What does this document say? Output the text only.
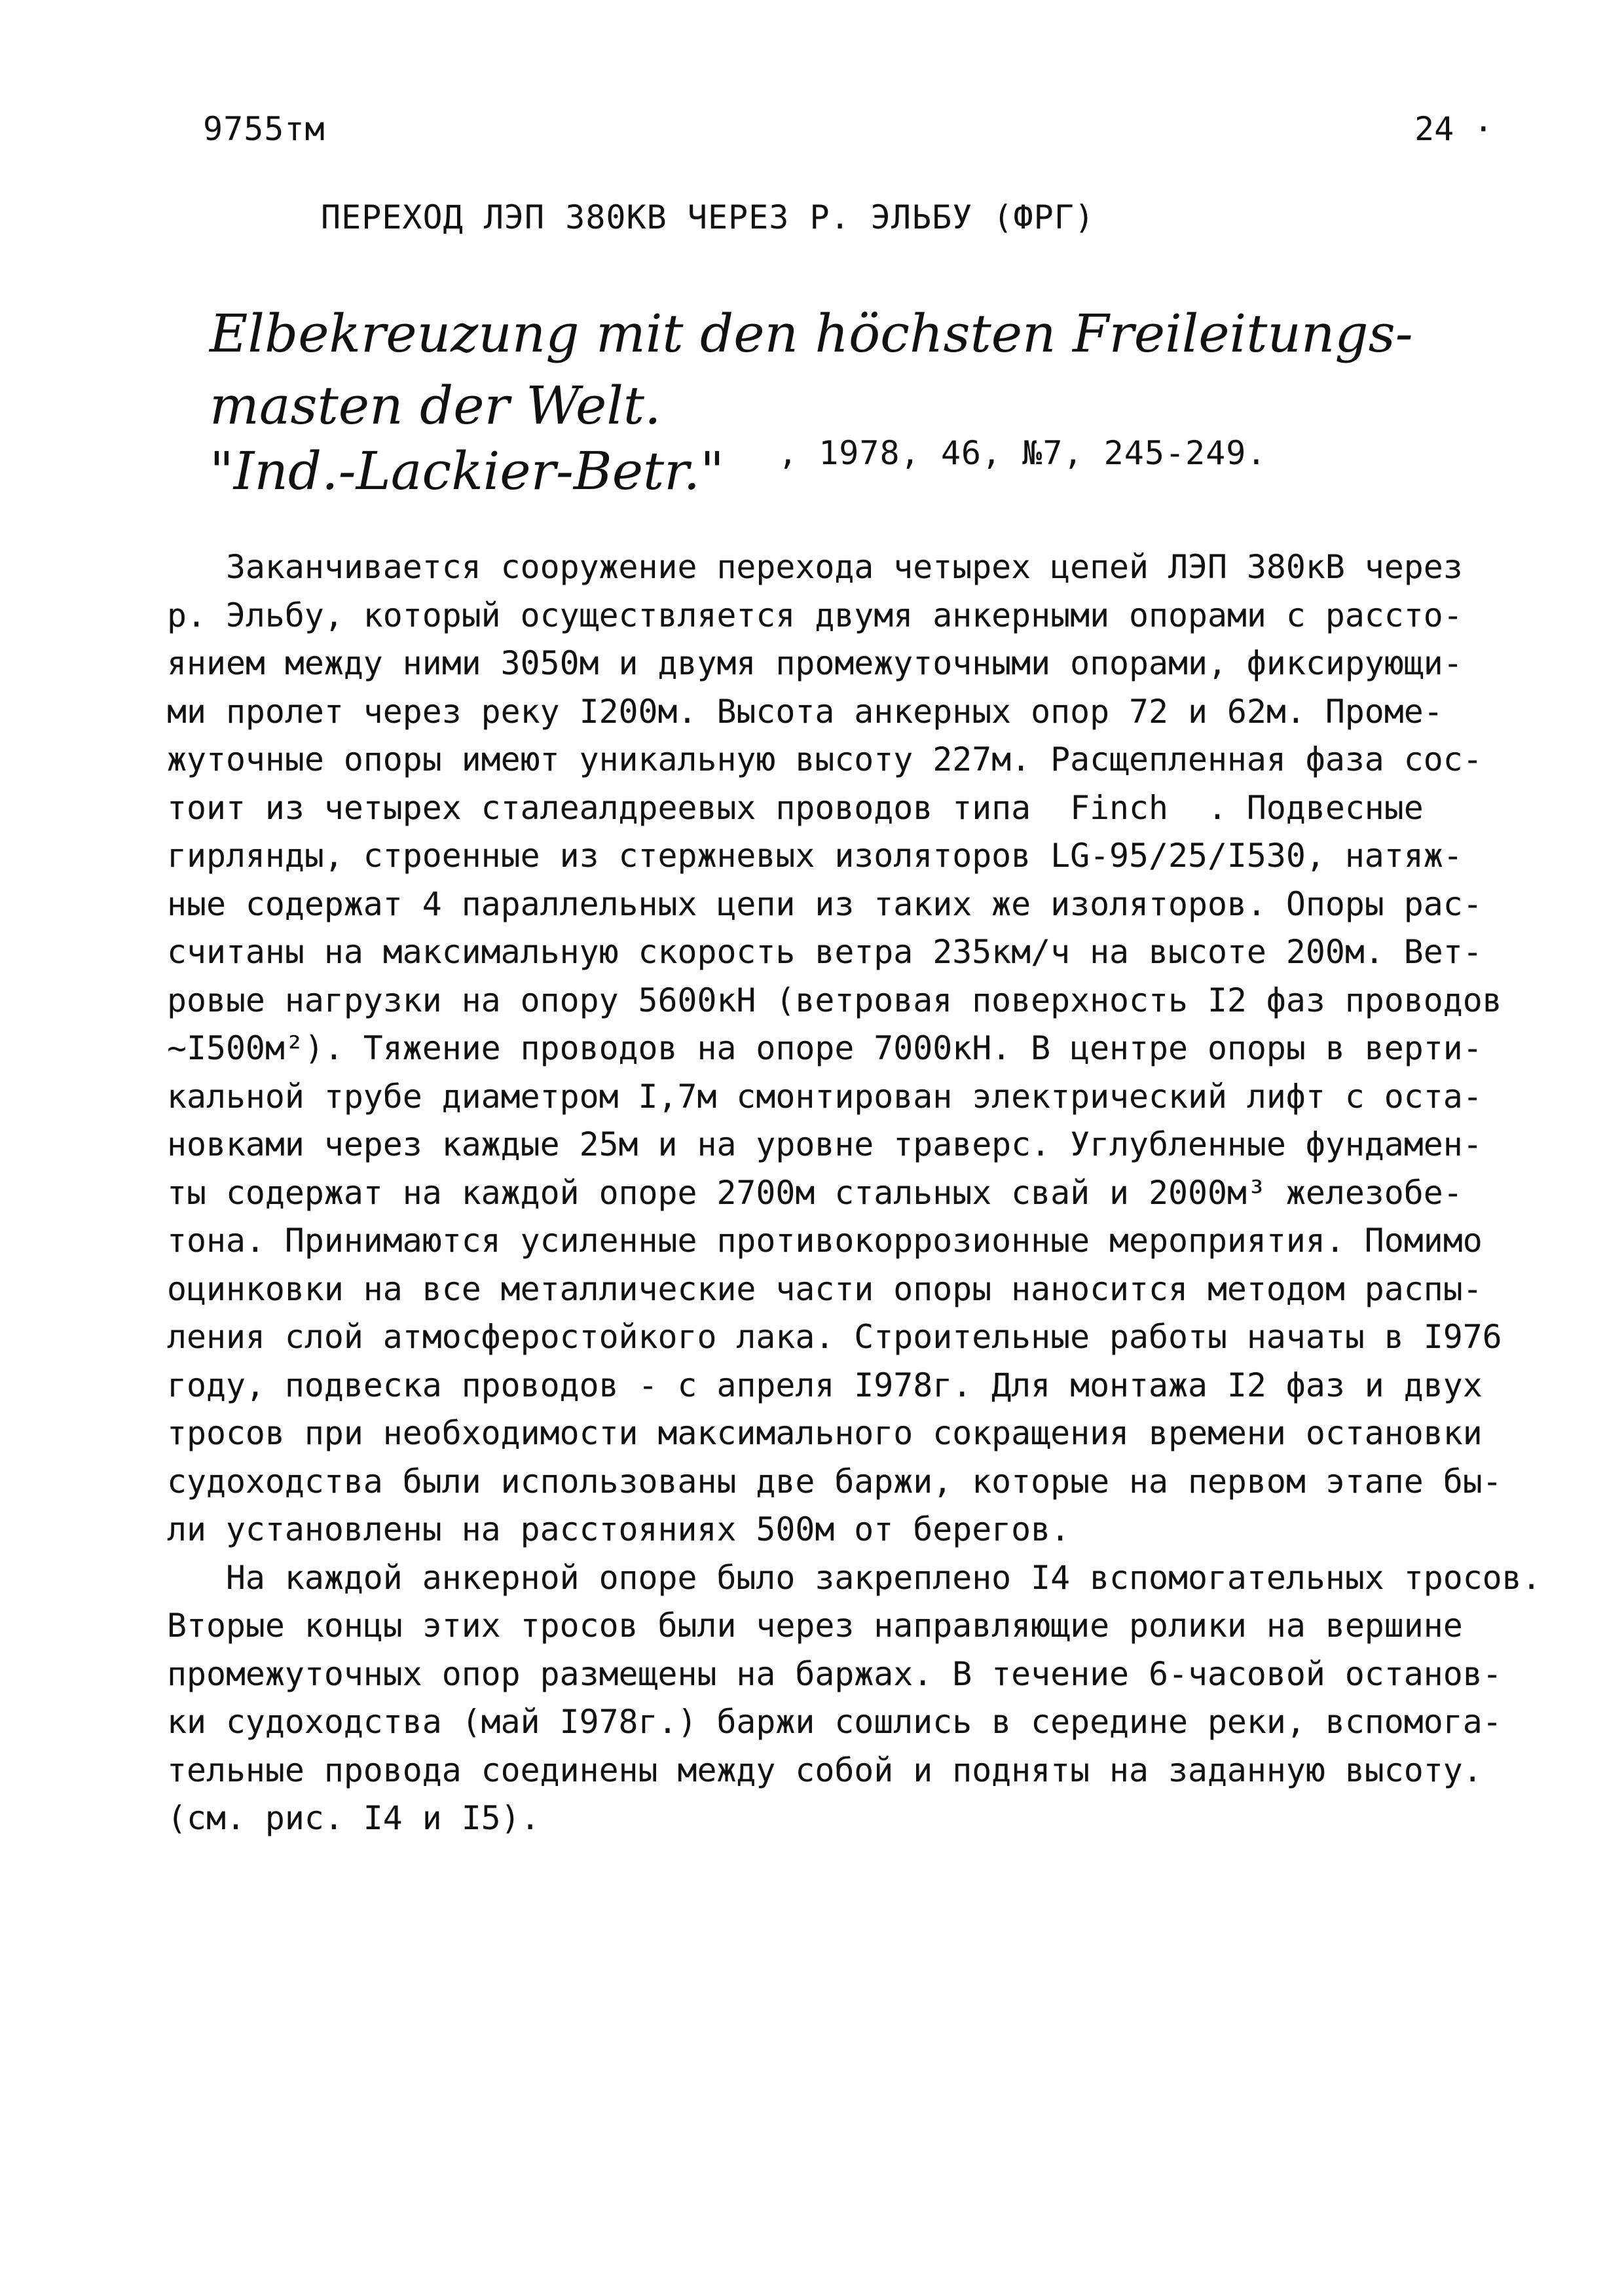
9755тм	24 ·
ПЕРЕХОД ЛЭП 380КВ ЧЕРЕЗ Р. ЭЛЬБУ (ФРГ)
Elbekreuzung mit den höchsten Freileitungs-
masten der Welt.
"Ind.-Lackier-Betr." , 1978, 46, №7, 245-249.
Заканчивается сооружение перехода четырех цепей ЛЭП 380кВ через
р. Эльбу, который осуществляется двумя анкерными опорами с рассто-
янием между ними 3050м и двумя промежуточными опорами, фиксирующи-
ми пролет через реку I200м. Высота анкерных опор 72 и 62м. Проме-
жуточные опоры имеют уникальную высоту 227м. Расщепленная фаза сос-
тоит из четырех сталеалдреевых проводов типа  Finch  . Подвесные
гирлянды, строенные из стержневых изоляторов LG-95/25/I530, натяж-
ные содержат 4 параллельных цепи из таких же изоляторов. Опоры рас-
считаны на максимальную скорость ветра 235км/ч на высоте 200м. Вет-
ровые нагрузки на опору 5600кН (ветровая поверхность I2 фаз проводов
~I500м²). Тяжение проводов на опоре 7000кН. В центре опоры в верти-
кальной трубе диаметром I,7м смонтирован электрический лифт с оста-
новками через каждые 25м и на уровне траверс. Углубленные фундамен-
ты содержат на каждой опоре 2700м стальных свай и 2000м³ железобе-
тона. Принимаются усиленные противокоррозионные мероприятия. Помимо
оцинковки на все металлические части опоры наносится методом распы-
ления слой атмосферостойкого лака. Строительные работы начаты в I976
году, подвеска проводов - с апреля I978г. Для монтажа I2 фаз и двух
тросов при необходимости максимального сокращения времени остановки
судоходства были использованы две баржи, которые на первом этапе бы-
ли установлены на расстояниях 500м от берегов.
На каждой анкерной опоре было закреплено I4 вспомогательных тросов.
Вторые концы этих тросов были через направляющие ролики на вершине
промежуточных опор размещены на баржах. В течение 6-часовой останов-
ки судоходства (май I978г.) баржи сошлись в середине реки, вспомога-
тельные провода соединены между собой и подняты на заданную высоту.
(см. рис. I4 и I5).
